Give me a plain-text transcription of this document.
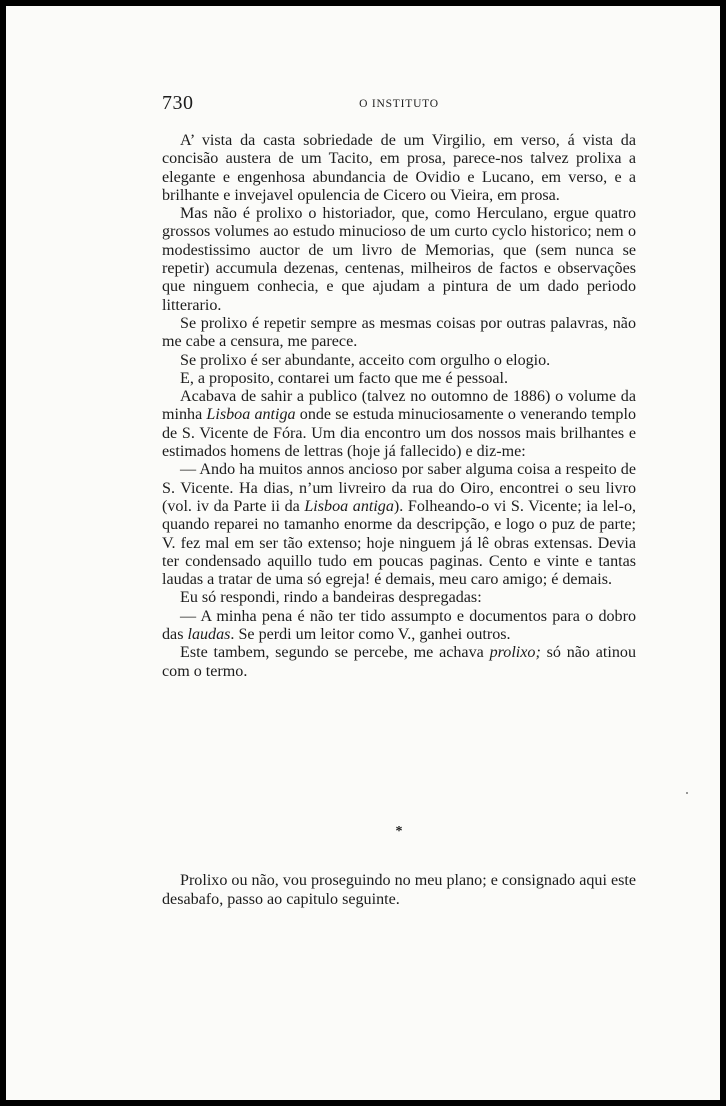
730	O INSTITUTO

A’ vista da casta sobriedade de um Virgilio, em verso, á vista da concisão austera de um Tacito, em prosa, parece-nos talvez prolixa a elegante e engenhosa abundancia de Ovidio e Lucano, em verso, e a brilhante e invejavel opulencia de Cicero ou Vieira, em prosa.

Mas não é prolixo o historiador, que, como Herculano, ergue quatro grossos volumes ao estudo minucioso de um curto cyclo historico; nem o modestissimo auctor de um livro de Memorias, que (sem nunca se repetir) accumula dezenas, centenas, milheiros de factos e observações que ninguem conhecia, e que ajudam a pintura de um dado periodo litterario.

Se prolixo é repetir sempre as mesmas coisas por outras palavras, não me cabe a censura, me parece.

Se prolixo é ser abundante, acceito com orgulho o elogio.

E, a proposito, contarei um facto que me é pessoal.

Acabava de sahir a publico (talvez no outomno de 1886) o volume da minha Lisboa antiga onde se estuda minuciosamente o venerando templo de S. Vicente de Fóra. Um dia encontro um dos nossos mais brilhantes e estimados homens de lettras (hoje já fallecido) e diz-me:

— Ando ha muitos annos ancioso por saber alguma coisa a respeito de S. Vicente. Ha dias, n’um livreiro da rua do Oiro, encontrei o seu livro (vol. iv da Parte ii da Lisboa antiga). Folheando-o vi S. Vicente; ia lel-o, quando reparei no tamanho enorme da descripção, e logo o puz de parte; V. fez mal em ser tão extenso; hoje ninguem já lê obras extensas. Devia ter condensado aquillo tudo em poucas paginas. Cento e vinte e tantas laudas a tratar de uma só egreja! é demais, meu caro amigo; é demais.

Eu só respondi, rindo a bandeiras despregadas:

— A minha pena é não ter tido assumpto e documentos para o dobro das laudas. Se perdi um leitor como V., ganhei outros.

Este tambem, segundo se percebe, me achava prolixo; só não atinou com o termo.

*

Prolixo ou não, vou proseguindo no meu plano; e consignado aqui este desabafo, passo ao capitulo seguinte.
